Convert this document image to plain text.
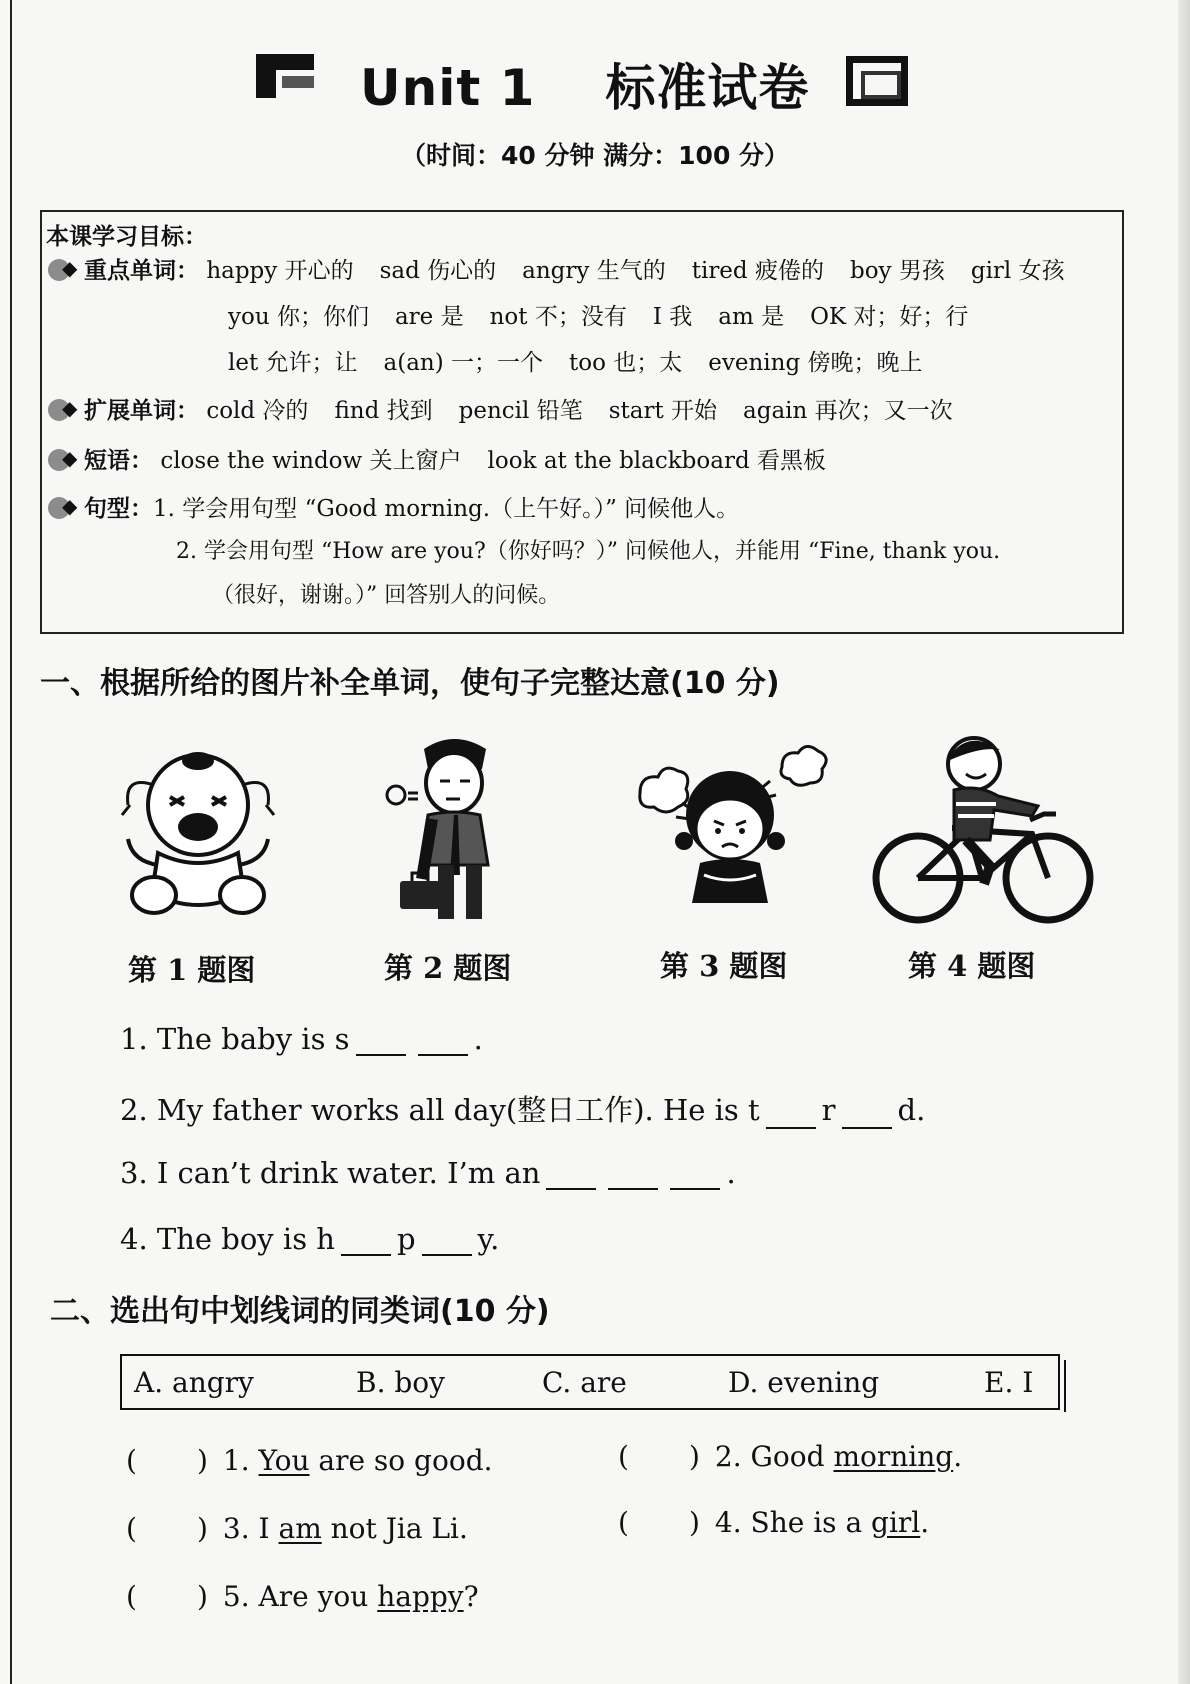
Unit 1 标准试卷
（时间：40 分钟 满分：100 分）
本课学习目标：
◆重点单词： happy 开心的 sad 伤心的 angry 生气的 tired 疲倦的 boy 男孩 girl 女孩
you 你；你们 are 是 not 不；没有 I 我 am 是 OK 对；好；行
let 允许；让 a(an) 一；一个 too 也；太 evening 傍晚；晚上
◆扩展单词： cold 冷的 find 找到 pencil 铅笔 start 开始 again 再次；又一次
◆短语： close the window 关上窗户 look at the blackboard 看黑板
◆句型：1. 学会用句型 “Good morning.（上午好。）” 问候他人。
2. 学会用句型 “How are you?（你好吗？）” 问候他人，并能用 “Fine, thank you.
（很好，谢谢。）” 回答别人的问候。
一、根据所给的图片补全单词，使句子完整达意(10 分)
第 1 题图	第 2 题图	第 3 题图	第 4 题图
1. The baby is s	.
2. My father works all day(整日工作). He is t r d.
3. I can’t drink water. I’m an	.
4. The boy is h p y.
二、选出句中划线词的同类词(10 分)
A. angry	B. boy	C. are	D. evening	E. I
( ) 1. You are so good.	( ) 2. Good morning.
( ) 3. I am not Jia Li.	( ) 4. She is a girl.
( ) 5. Are you happy?
